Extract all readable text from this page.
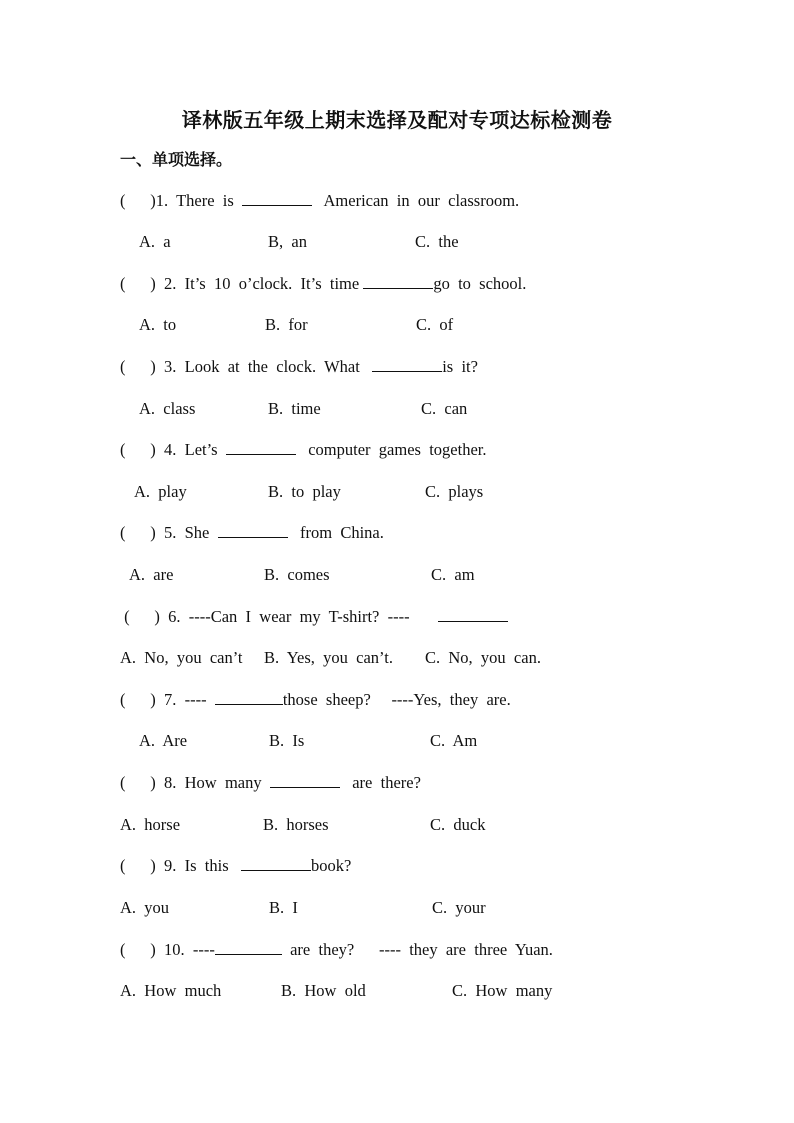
译林版五年级上期末选择及配对专项达标检测卷
一、单项选择。
(      )1.  There  is	American  in  our  classroom.
A.  a	B,  an	C.  the
(      )  2.  It’s  10  o’clock.  It’s  time	go  to  school.
A.  to	B.  for	C.  of
(      )  3.  Look  at  the  clock.  What	is  it?
A.  class	B.  time	C.  can
(      )  4.  Let’s	computer  games  together.
A.  play	B.  to  play	C.  plays
(      )  5.  She	from  China.
A.  are	B.  comes	C.  am
(      )  6.  ----Can  I  wear  my  T-shirt?  ----
A.  No,  you  can’t B.  Yes,  you  can’t. C.  No,  you  can.
(      )  7.  ----	those  sheep?     ----Yes,  they  are.
A.  Are	B.  Is	C.  Am
(      )  8.  How  many	are  there?
A.  horse	B.  horses	C.  duck
(      )  9.  Is  this	book?
A.  you	B.  I	C.  your
(      )  10.  ----	are  they?      ----  they  are  three  Yuan.
A.  How  much	B.  How  old	C.  How  many
